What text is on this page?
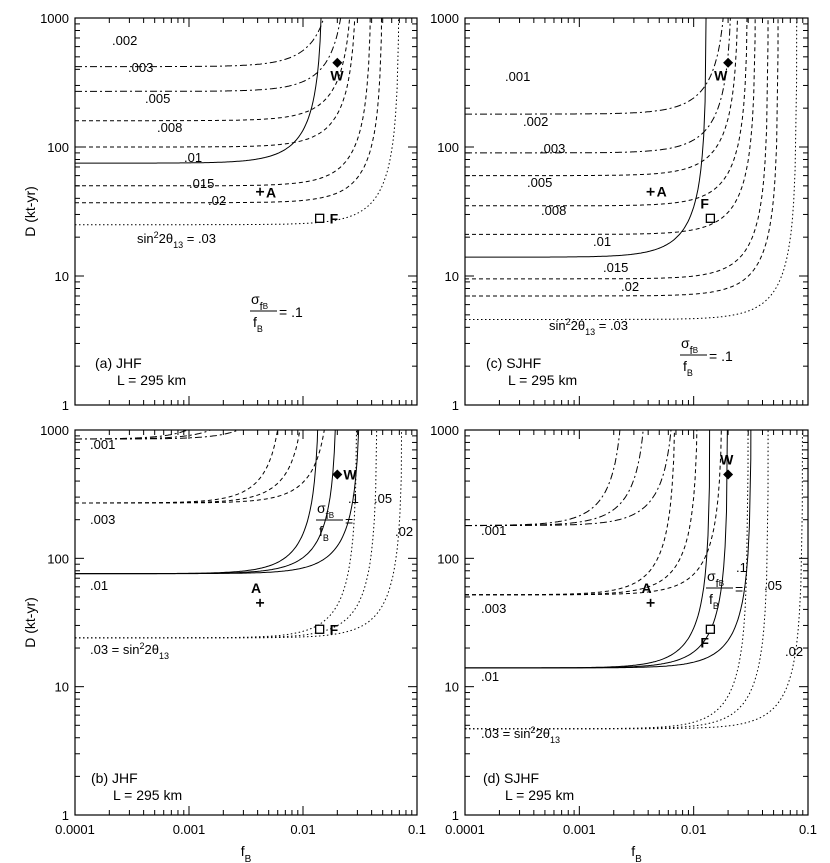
1
10
100
1000
D (kt-yr)
.002
.003
.005
.008
.01
.015
.02
$\sin^22\theta_{13} = .03$
W
A
F
$\sigma_{fB}$
$f_B$
= .1
(a) JHF
L = 295 km
1
10
100
1000
.001
.002
.003
.005
.008
.01
.015
.02
$\sin^22\theta_{13} = .03$
W
A
F
$\sigma_{fB}$
$f_B$
= .1
(c) SJHF
L = 295 km
1
10
100
1000
0.0001	0.001	0.01	0.1
$f_B$
D (kt-yr)
.001
.003
.01
$.03 = \sin^22\theta_{13}$
.1 .05
.02
W
A
F
$\sigma_{fB}$
$f_B$
=
(b) JHF
L = 295 km
1
10
100
1000
0.0001	0.001	0.01	0.1
$f_B$
.001
.003
.01
$.03 = \sin^22\theta_{13}$
.1
.05
.02
W
A
F
$\sigma_{fB}$
$f_B$
=
(d) SJHF
L = 295 km
